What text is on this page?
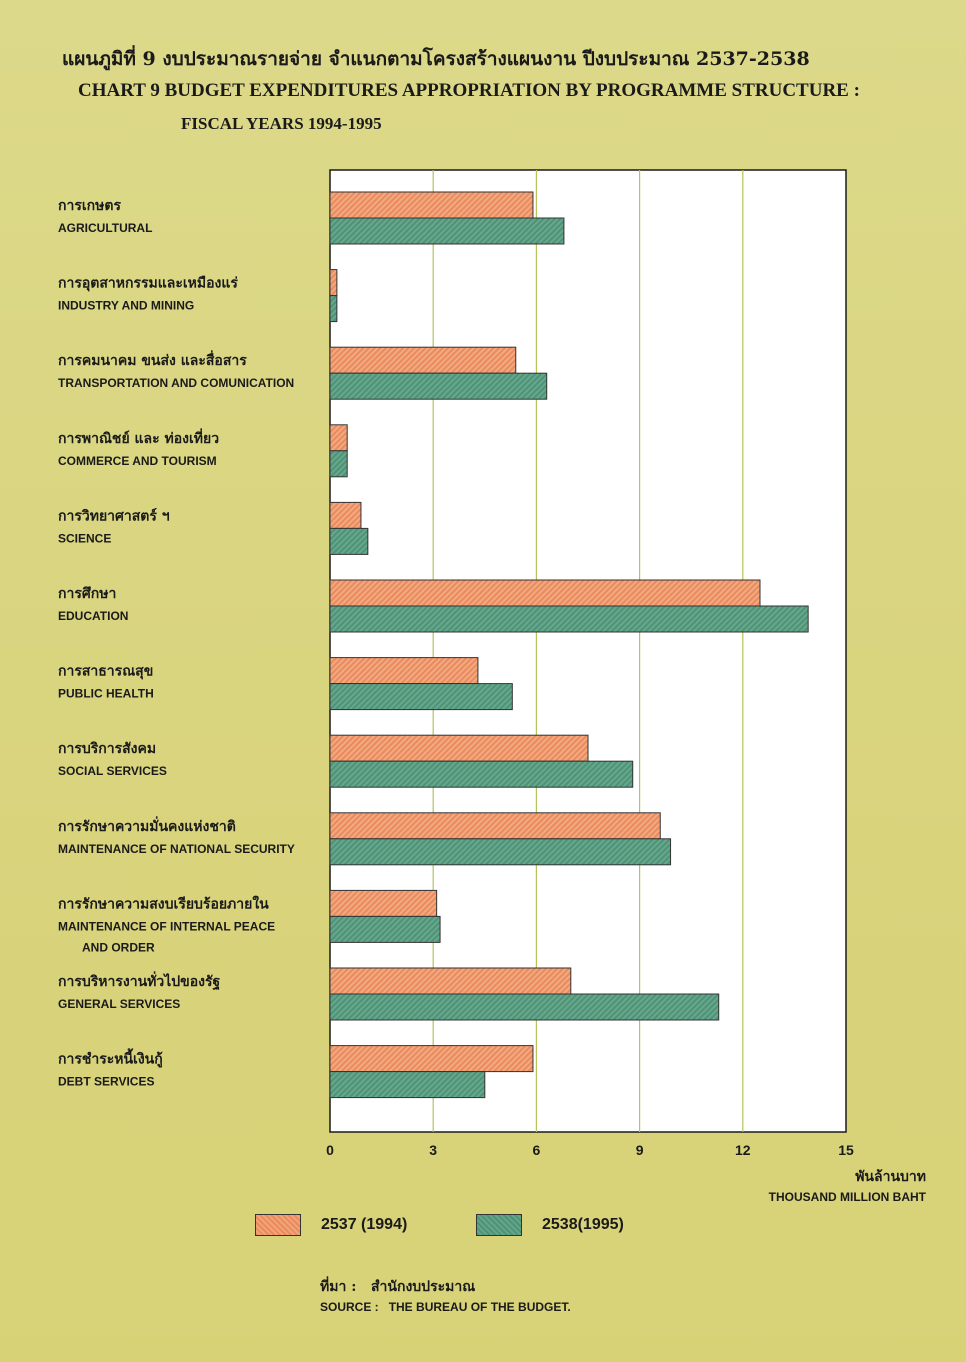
แผนภูมิที่ 9 งบประมาณรายจ่าย จำแนกตามโครงสร้างแผนงาน ปีงบประมาณ 2537-2538
CHART 9 BUDGET EXPENDITURES APPROPRIATION BY PROGRAMME STRUCTURE :
FISCAL YEARS 1994-1995
0	3	6	9	12	15
การเกษตร
AGRICULTURAL
การอุตสาหกรรมและเหมืองแร่
INDUSTRY AND MINING
การคมนาคม ขนส่ง และสื่อสาร
TRANSPORTATION AND COMUNICATION
การพาณิชย์ และ ท่องเที่ยว
COMMERCE AND TOURISM
การวิทยาศาสตร์ ฯ
SCIENCE
การศึกษา
EDUCATION
การสาธารณสุข
PUBLIC HEALTH
การบริการสังคม
SOCIAL SERVICES
การรักษาความมั่นคงแห่งชาติ
MAINTENANCE OF NATIONAL SECURITY
การรักษาความสงบเรียบร้อยภายใน
MAINTENANCE OF INTERNAL PEACE
AND ORDER
การบริหารงานทั่วไปของรัฐ
GENERAL SERVICES
การชำระหนี้เงินกู้
DEBT SERVICES
พันล้านบาท
THOUSAND MILLION BAHT
2537 (1994)	2538(1995)
ที่มา : สำนักงบประมาณ
SOURCE : THE BUREAU OF THE BUDGET.
